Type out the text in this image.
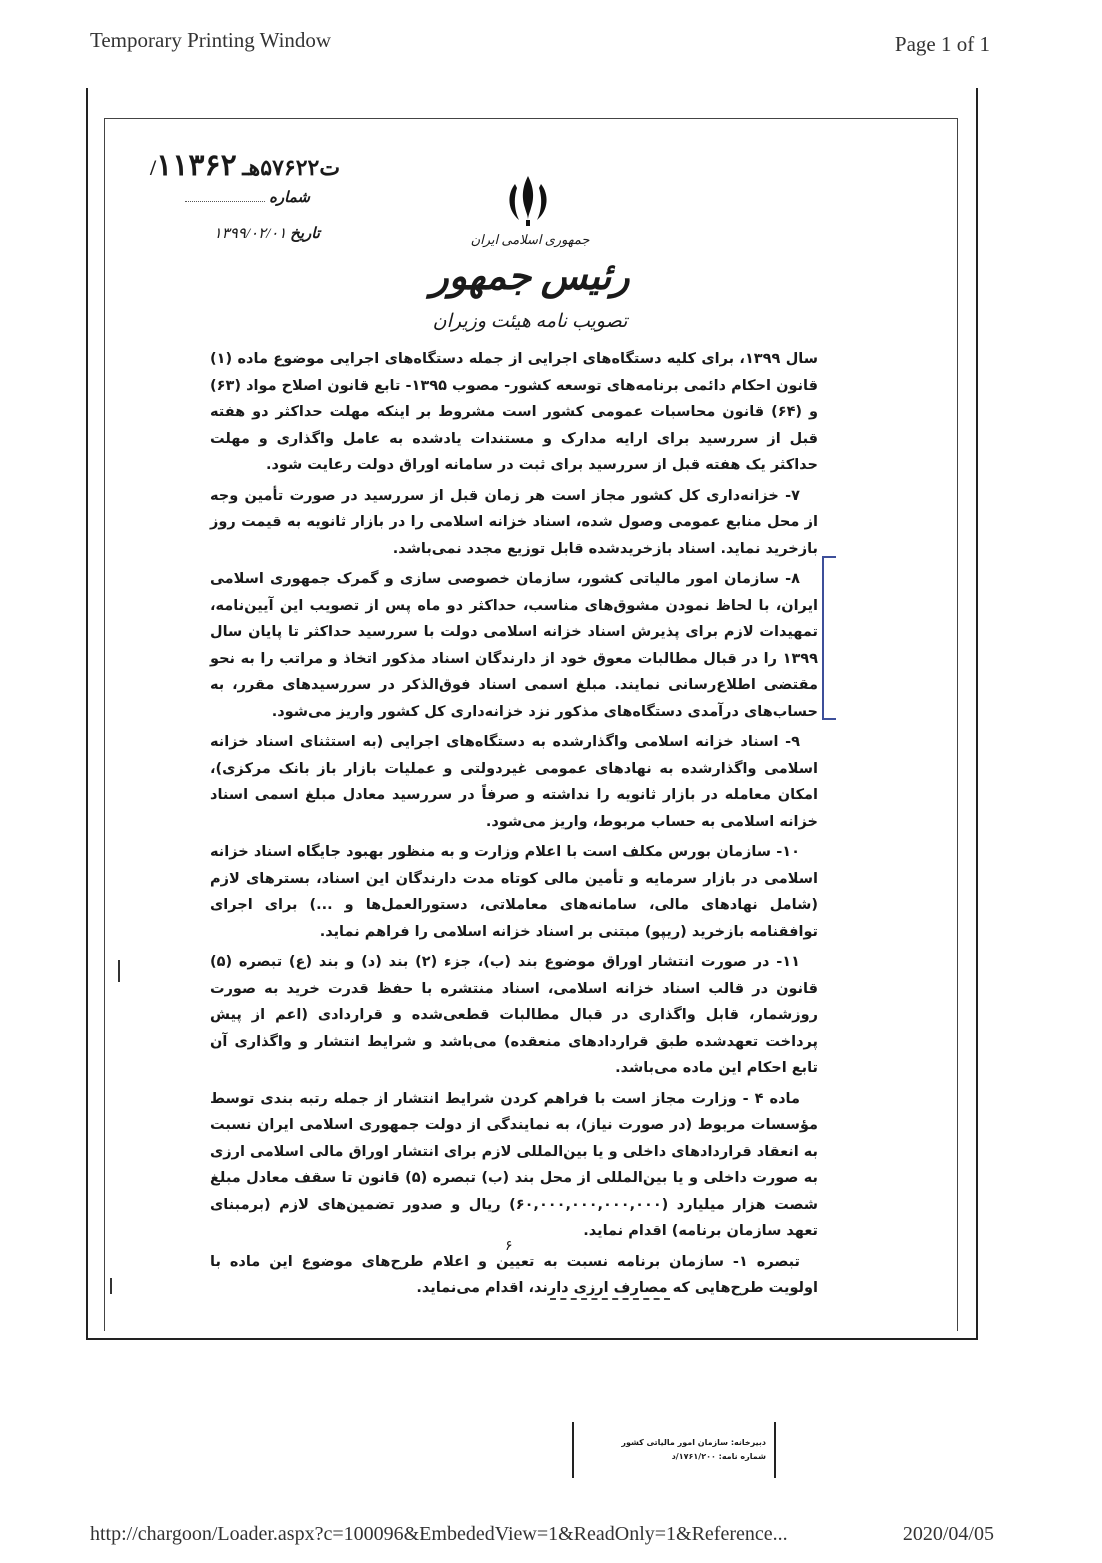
Temporary Printing Window	Page 1 of 1
/ت۵۷۶۲۲هـ ۱۱۳۶۲
شماره
تاریخ ۱۳۹۹/۰۲/۰۱	جمهوری اسلامی ایران
رئیس جمهور
تصویب نامه هیئت وزیران

سال ۱۳۹۹، برای کلیه دستگاه‌های اجرایی از جمله دستگاه‌های اجرایی موضوع ماده (۱) قانون احکام دائمی برنامه‌های توسعه کشور- مصوب ۱۳۹۵- تابع قانون اصلاح مواد (۶۳) و (۶۴) قانون محاسبات عمومی کشور است مشروط بر اینکه مهلت حداکثر دو هفته قبل از سررسید برای ارایه مدارک و مستندات یادشده به عامل واگذاری و مهلت حداکثر یک هفته قبل از سررسید برای ثبت در سامانه اوراق دولت رعایت شود.

۷- خزانه‌داری کل کشور مجاز است هر زمان قبل از سررسید در صورت تأمین وجه از محل منابع عمومی وصول شده، اسناد خزانه اسلامی را در بازار ثانویه به قیمت روز بازخرید نماید. اسناد بازخریدشده قابل توزیع مجدد نمی‌باشد.

۸- سازمان امور مالیاتی کشور، سازمان خصوصی سازی و گمرک جمهوری اسلامی ایران، با لحاظ نمودن مشوق‌های مناسب، حداکثر دو ماه پس از تصویب این آیین‌نامه، تمهیدات لازم برای پذیرش اسناد خزانه اسلامی دولت با سررسید حداکثر تا پایان سال ۱۳۹۹ را در قبال مطالبات معوق خود از دارندگان اسناد مذکور اتخاذ و مراتب را به نحو مقتضی اطلاع‌رسانی نمایند. مبلغ اسمی اسناد فوق‌الذکر در سررسیدهای مقرر، به حساب‌های درآمدی دستگاه‌های مذکور نزد خزانه‌داری کل کشور واریز می‌شود.

۹- اسناد خزانه اسلامی واگذارشده به دستگاه‌های اجرایی (به استثنای اسناد خزانه اسلامی واگذارشده به نهادهای عمومی غیردولتی و عملیات بازار باز بانک مرکزی)، امکان معامله در بازار ثانویه را نداشته و صرفاً در سررسید معادل مبلغ اسمی اسناد خزانه اسلامی به حساب مربوط، واریز می‌شود.

۱۰- سازمان بورس مکلف است با اعلام وزارت و به منظور بهبود جایگاه اسناد خزانه اسلامی در بازار سرمایه و تأمین مالی کوتاه مدت دارندگان این اسناد، بسترهای لازم (شامل نهادهای مالی، سامانه‌های معاملاتی، دستورالعمل‌ها و ...) برای اجرای توافقنامه بازخرید (ریپو) مبتنی بر اسناد خزانه اسلامی را فراهم نماید.

۱۱- در صورت انتشار اوراق موضوع بند (ب)، جزء (۲) بند (د) و بند (ع) تبصره (۵) قانون در قالب اسناد خزانه اسلامی، اسناد منتشره با حفظ قدرت خرید به صورت روزشمار، قابل واگذاری در قبال مطالبات قطعی‌شده و قراردادی (اعم از پیش پرداخت تعهدشده طبق قراردادهای منعقده) می‌باشد و شرایط انتشار و واگذاری آن تابع احکام این ماده می‌باشد.

ماده ۴ - وزارت مجاز است با فراهم کردن شرایط انتشار از جمله رتبه بندی توسط مؤسسات مربوط (در صورت نیاز)، به نمایندگی از دولت جمهوری اسلامی ایران نسبت به انعقاد قراردادهای داخلی و یا بین‌المللی لازم برای انتشار اوراق مالی اسلامی ارزی به صورت داخلی و یا بین‌المللی از محل بند (ب) تبصره (۵) قانون تا سقف معادل مبلغ شصت هزار میلیارد (۶۰,۰۰۰,۰۰۰,۰۰۰,۰۰۰) ریال و صدور تضمین‌های لازم (برمبنای تعهد سازمان برنامه) اقدام نماید.

تبصره ۱- سازمان برنامه نسبت به تعیین و اعلام طرح‌های موضوع این ماده با اولویت طرح‌هایی که مصارف ارزی دارند، اقدام می‌نماید.

۶
دبیرخانه: سازمان امور مالیاتی کشور
شماره نامه: ۱۷۶۱/۲۰۰/د
http://chargoon/Loader.aspx?c=100096&EmbededView=1&ReadOnly=1&Reference...	2020/04/05
